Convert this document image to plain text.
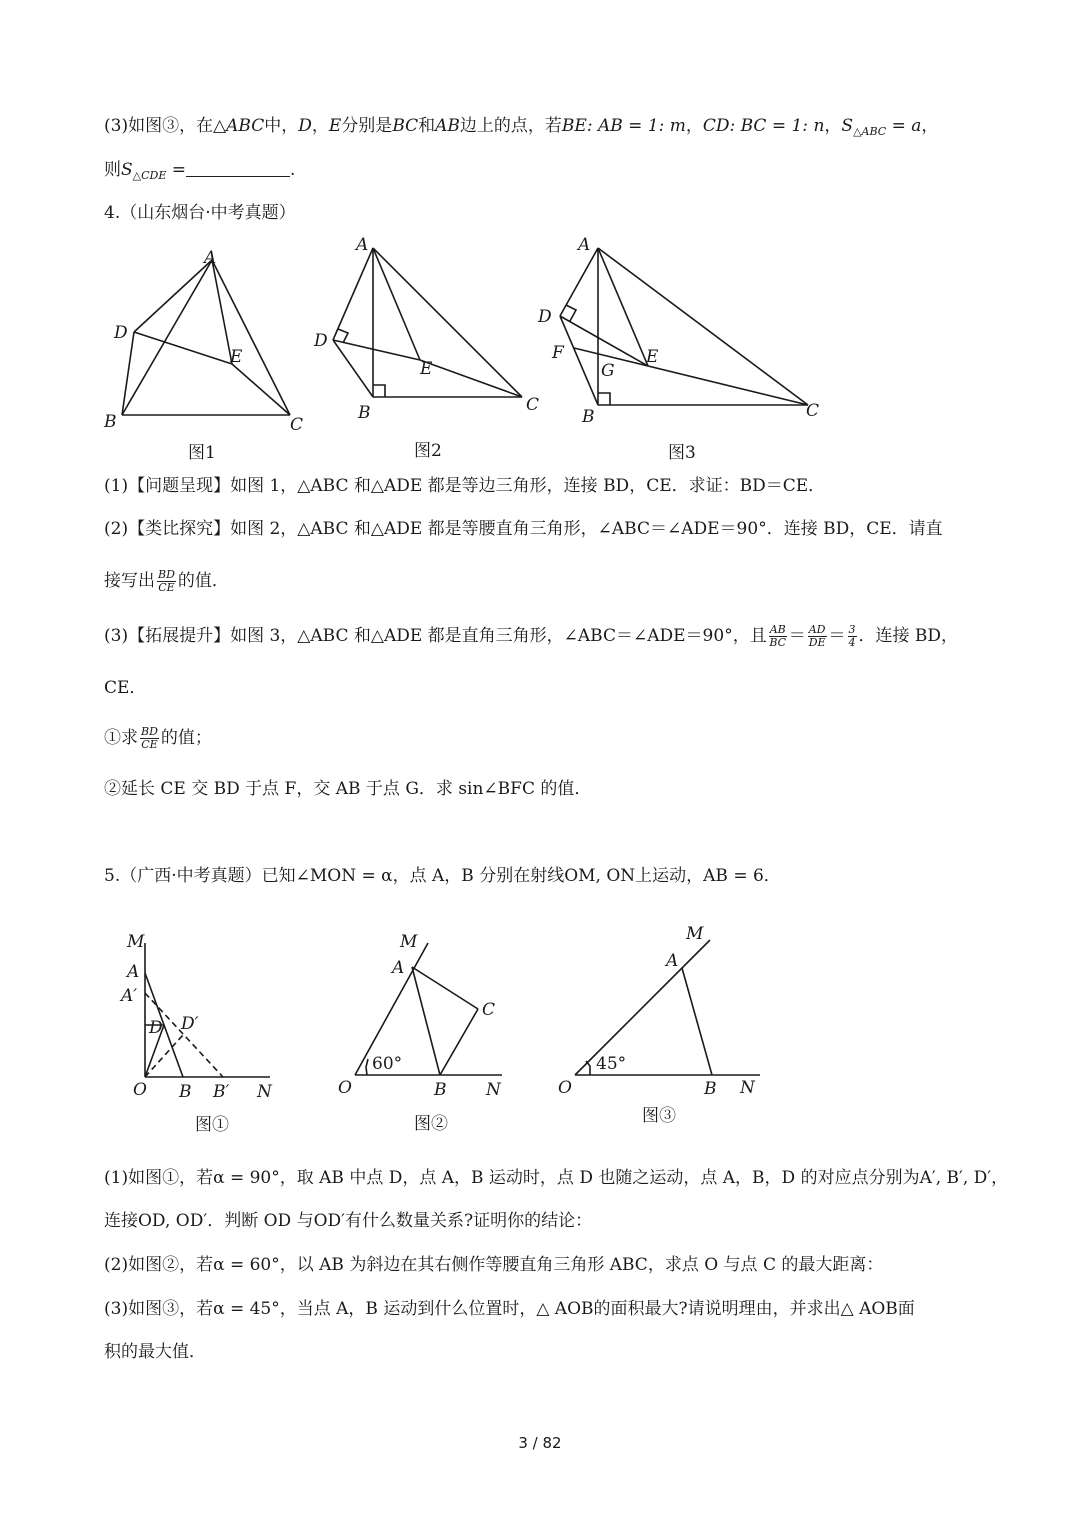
(3)如图③，在△ABC中，D，E分别是BC和AB边上的点，若BE: AB = 1: m，CD: BC = 1: n，$S_{\triangle ABC} = a$，
则$S_{\triangle CDE}$ =	.
4.（山东烟台·中考真题）
A
D
E
B	C
图1
A
D
E
B	C
图2
A
D
F	E
G
B	C
图3
(1)【问题呈现】如图 1，△ABC 和△ADE 都是等边三角形，连接 BD，CE．求证：BD＝CE．
(2)【类比探究】如图 2，△ABC 和△ADE 都是等腰直角三角形，∠ABC＝∠ADE＝90°．连接 BD，CE．请直
接写出 $\frac{BD}{CE}$ 的值．
(3)【拓展提升】如图 3，△ABC 和△ADE 都是直角三角形，∠ABC＝∠ADE＝90°，且 $\frac{AB}{BC} = \frac{AD}{DE} = \frac{3}{4}$ ．连接 BD，
CE．
①求 $\frac{BD}{CE}$ 的值；
②延长 CE 交 BD 于点 F，交 AB 于点 G．求 sin∠BFC 的值．
5.（广西·中考真题）已知∠MON = α，点 A，B 分别在射线OM, ON上运动，AB = 6．
M
A
A′
D D′
O B B′ N
图①
M
A
C
60°
O	B N
图②
M
A
45°
O	B N
图③
(1)如图①，若α = 90°，取 AB 中点 D，点 A，B 运动时，点 D 也随之运动，点 A，B，D 的对应点分别为A′, B′, D′，
连接OD, OD′．判断 OD 与OD′有什么数量关系?证明你的结论：
(2)如图②，若α = 60°，以 AB 为斜边在其右侧作等腰直角三角形 ABC，求点 O 与点 C 的最大距离：
(3)如图③，若α = 45°，当点 A，B 运动到什么位置时，△ AOB的面积最大?请说明理由，并求出△ AOB面
积的最大值．
3 / 82
